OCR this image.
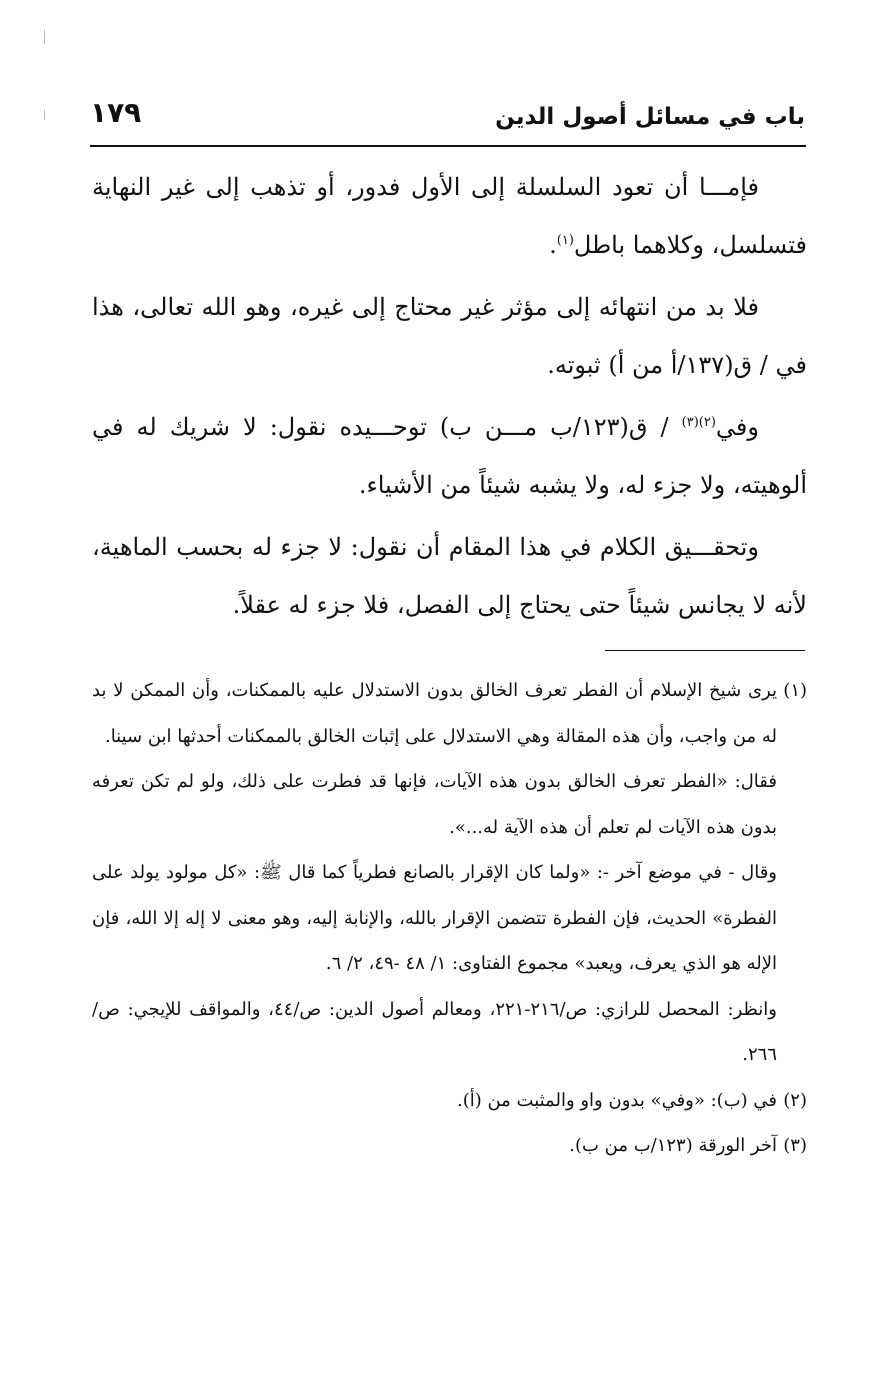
باب في مسائل أصول الدين
١٧٩

فإمـــا أن تعود السلسلة إلى الأول فدور، أو تذهب إلى غير النهاية فتسلسل، وكلاهما باطل$^{(١)}$.

فلا بد من انتهائه إلى مؤثر غير محتاج إلى غيره، وهو الله تعالى، هذا في / ق(١٣٧/أ من أ) ثبوته.

وفي$^{(٢)(٣)}$ / ق(١٢٣/ب مـــن ب) توحـــيده نقول: لا شريك له في ألوهيته، ولا جزء له، ولا يشبه شيئاً من الأشياء.

وتحقـــيق الكلام في هذا المقام أن نقول: لا جزء له بحسب الماهية، لأنه لا يجانس شيئاً حتى يحتاج إلى الفصل، فلا جزء له عقلاً.

(١)يرى شيخ الإسلام أن الفطر تعرف الخالق بدون الاستدلال عليه بالممكنات، وأن الممكن لا بد له من واجب، وأن هذه المقالة وهي الاستدلال على إثبات الخالق بالممكنات أحدثها ابن سينا.

فقال: «الفطر تعرف الخالق بدون هذه الآيات، فإنها قد فطرت على ذلك، ولو لم تكن تعرفه بدون هذه الآيات لم تعلم أن هذه الآية له...».

وقال - في موضع آخر -: «ولما كان الإقرار بالصانع فطرياً كما قال ﷺ: «كل مولود يولد على الفطرة» الحديث، فإن الفطرة تتضمن الإقرار بالله، والإنابة إليه، وهو معنى لا إله إلا الله، فإن الإله هو الذي يعرف، ويعبد» مجموع الفتاوى: ١/ ٤٨ -٤٩، ٢/ ٦.

وانظر: المحصل للرازي: ص/٢١٦-٢٢١، ومعالم أصول الدين: ص/٤٤، والمواقف للإيجي: ص/٢٦٦.

(٢)في (ب): «وفي» بدون واو والمثبت من (أ).

(٣)آخر الورقة (١٢٣/ب من ب).
